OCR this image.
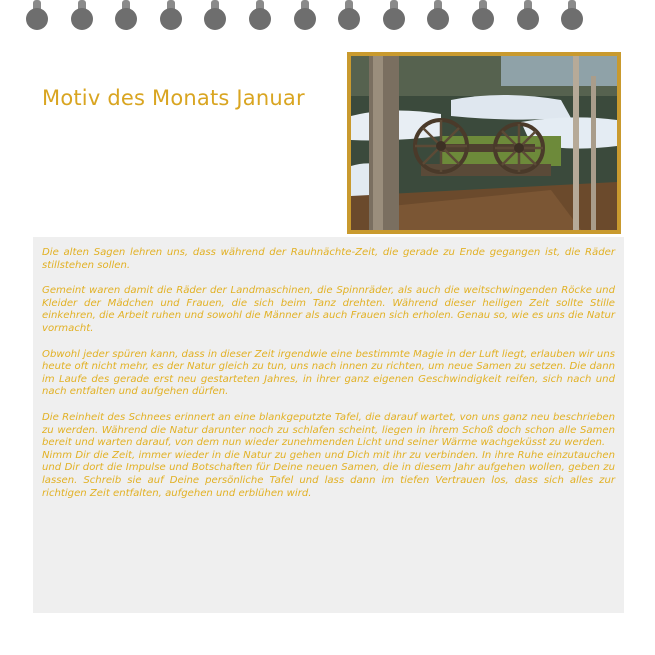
Motiv des Monats Januar

Die alten Sagen lehren uns, dass während der Rauhnächte-Zeit, die gerade zu Ende gegangen ist, die Räder stillstehen sollen.

Gemeint waren damit die Räder der Landmaschinen, die Spinnräder, als auch die weitschwingenden Röcke und Kleider der Mädchen und Frauen, die sich beim Tanz drehten. Während dieser heiligen Zeit sollte Stille einkehren, die Arbeit ruhen und sowohl die Männer als auch Frauen sich erholen. Genau so, wie es uns die Natur vormacht.

Obwohl jeder spüren kann, dass in dieser Zeit irgendwie eine bestimmte Magie in der Luft liegt, erlauben wir uns heute oft nicht mehr, es der Natur gleich zu tun, uns nach innen zu richten, um neue Samen zu setzen. Die dann im Laufe des gerade erst neu gestarteten Jahres, in ihrer ganz eigenen Geschwindigkeit reifen, sich nach und nach entfalten und aufgehen dürfen.

Die Reinheit des Schnees erinnert an eine blankgeputzte Tafel, die darauf wartet, von uns ganz neu beschrieben zu werden. Während die Natur darunter noch zu schlafen scheint, liegen in ihrem Schoß doch schon alle Samen bereit und warten darauf, von dem nun wieder zunehmenden Licht und seiner Wärme wachgeküsst zu werden.

Nimm Dir die Zeit, immer wieder in die Natur zu gehen und Dich mit ihr zu verbinden. In ihre Ruhe einzutauchen und Dir dort die Impulse und Botschaften für Deine neuen Samen, die in diesem Jahr aufgehen wollen, geben zu lassen. Schreib sie auf Deine persönliche Tafel und lass dann im tiefen Vertrauen los, dass sich alles zur richtigen Zeit entfalten, aufgehen und erblühen wird.
